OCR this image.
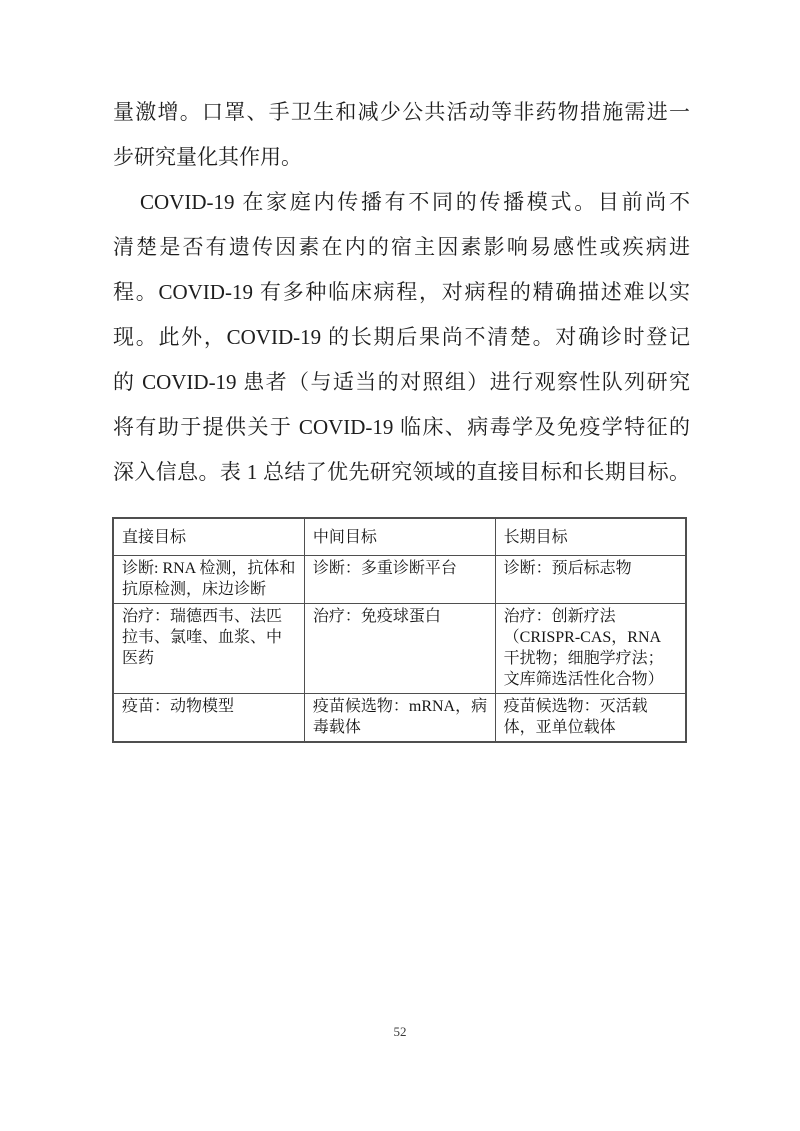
量激增。口罩、手卫生和减少公共活动等非药物措施需进一
步研究量化其作用。
COVID-19 在家庭内传播有不同的传播模式。目前尚不
清楚是否有遗传因素在内的宿主因素影响易感性或疾病进
程。COVID-19 有多种临床病程，对病程的精确描述难以实
现。此外，COVID-19 的长期后果尚不清楚。对确诊时登记
的 COVID-19 患者（与适当的对照组）进行观察性队列研究
将有助于提供关于 COVID-19 临床、病毒学及免疫学特征的
深入信息。表 1 总结了优先研究领域的直接目标和长期目标。
直接目标	中间目标	长期目标
诊断: RNA 检测，抗体和抗原检测，床边诊断	诊断：多重诊断平台	诊断：预后标志物
治疗：瑞德西韦、法匹拉韦、氯喹、血浆、中医药	治疗：免疫球蛋白	治疗：创新疗法（CRISPR-CAS，RNA 干扰物；细胞学疗法；文库筛选活性化合物）
疫苗：动物模型	疫苗候选物：mRNA，病毒载体	疫苗候选物：灭活载体，亚单位载体
52
